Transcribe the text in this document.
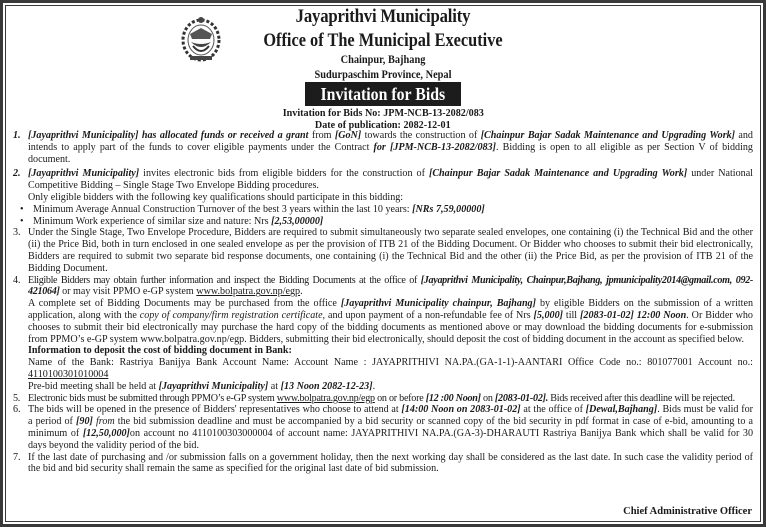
Jayaprithvi Municipality
Office of The Municipal Executive
Chainpur, Bajhang
Sudurpaschim Province, Nepal
Invitation for Bids
Invitation for Bids No: JPM-NCB-13-2082/083
Date of publication: 2082-12-01
1. [Jayaprithvi Municipality] has allocated funds or received a grant from [GoN] towards the construction of [Chainpur Bajar Sadak Maintenance and Upgrading Work] and intends to apply part of the funds to cover eligible payments under the Contract for [JPM-NCB-13-2082/083]. Bidding is open to all eligible as per Section V of bidding document.
2. [Jayaprithvi Municipality] invites electronic bids from eligible bidders for the construction of [Chainpur Bajar Sadak Maintenance and Upgrading Work] under National Competitive Bidding – Single Stage Two Envelope Bidding procedures.
Only eligible bidders with the following key qualifications should participate in this bidding:
• Minimum Average Annual Construction Turnover of the best 3 years within the last 10 years: [NRs 7,59,00000]
• Minimum Work experience of similar size and nature: Nrs [2,53,00000]
3. Under the Single Stage, Two Envelope Procedure, Bidders are required to submit simultaneously two separate sealed envelopes, one containing (i) the Technical Bid and the other (ii) the Price Bid, both in turn enclosed in one sealed envelope as per the provision of ITB 21 of the Bidding Document. Or Bidder who chooses to submit their bid electronically, Bidders are required to submit two separate bid response documents, one containing (i) the Technical Bid and the other (ii) the Price Bid, as per the provision of ITB 21 of the Bidding Document.
4. Eligible Bidders may obtain further information and inspect the Bidding Documents at the office of [Jayaprithvi Municipality, Chainpur,Bajhang, jpmunicipality2014@gmail.com, 092-421064] or may visit PPMO e-GP system www.bolpatra.gov.np/egp.
A complete set of Bidding Documents may be purchased from the office [Jayaprithvi Municipality chainpur, Bajhang] by eligible Bidders on the submission of a written application, along with the copy of company/firm registration certificate, and upon payment of a non-refundable fee of Nrs [5,000] till [2083-01-02] 12:00 Noon. Or Bidder who chooses to submit their bid electronically may purchase the hard copy of the bidding documents as mentioned above or may download the bidding documents for e-submission from PPMO’s e-GP system www.bolpatra.gov.np/egp. Bidders, submitting their bid electronically, should deposit the cost of bidding document in the account as specified below.
Information to deposit the cost of bidding document in Bank:
Name of the Bank: Rastriya Banijya Bank Account Name: Account Name : JAYAPRITHIVI NA.PA.(GA-1-1)-AANTARI Office Code no.: 801077001 Account no.: 4110100301010004
Pre-bid meeting shall be held at [Jayaprithvi Municipality] at [13 Noon 2082-12-23].
5. Electronic bids must be submitted through PPMO’s e-GP system www.bolpatra.gov.np/egp on or before [12 :00 Noon] on [2083-01-02]. Bids received after this deadline will be rejected.
6. The bids will be opened in the presence of Bidders' representatives who choose to attend at [14:00 Noon on 2083-01-02] at the office of [Dewal,Bajhang]. Bids must be valid for a period of [90] from the bid submission deadline and must be accompanied by a bid security or scanned copy of the bid security in pdf format in case of e-bid, amounting to a minimum of [12,50,000]on account no 4110100303000004 of account name: JAYAPRITHIVI NA.PA.(GA-3)-DHARAUTI Rastriya Banijya Bank which shall be valid for 30 days beyond the validity period of the bid.
7. If the last date of purchasing and /or submission falls on a government holiday, then the next working day shall be considered as the last date. In such case the validity period of the bid and bid security shall remain the same as specified for the original last date of bid submission.
Chief Administrative Officer
